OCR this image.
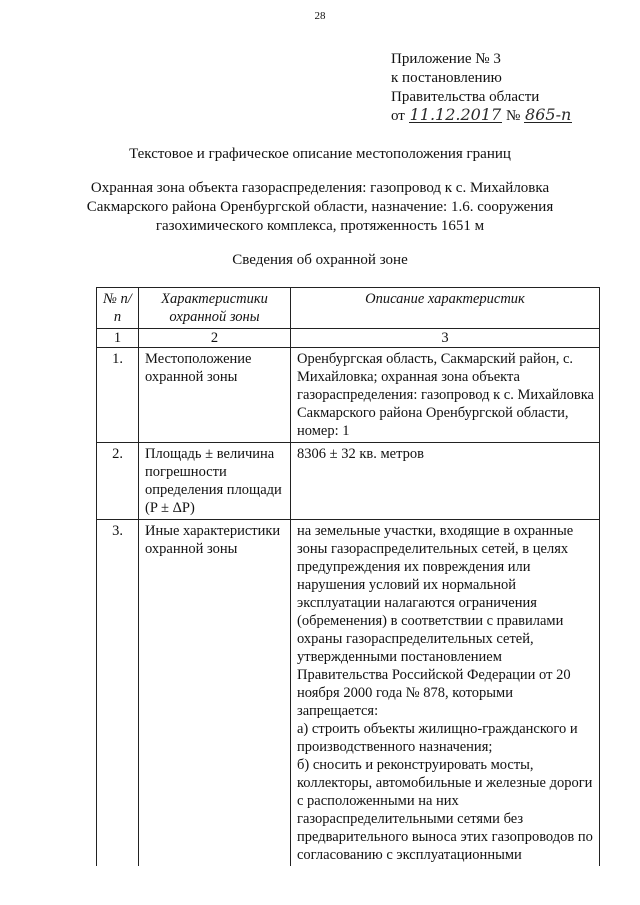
28
Приложение № 3
к постановлению
Правительства области
от 11.12.2017 № 865-п
Текстовое и графическое описание местоположения границ
Охранная зона объекта газораспределения: газопровод к с. Михайловка Сакмарского района Оренбургской области, назначение: 1.6. сооружения газохимического комплекса, протяженность 1651 м
Сведения об охранной зоне
№ п/п	Характеристики охранной зоны	Описание характеристик
1	2	3
1.	Местоположение охранной зоны	Оренбургская область, Сакмарский район, с. Михайловка; охранная зона объекта газораспределения: газопровод к с. Михайловка Сакмарского района Оренбургской области, номер: 1
2.	Площадь ± величина погрешности определения площади (P ± ΔP)	8306 ± 32 кв. метров
3.	Иные характеристики охранной зоны	на земельные участки, входящие в охранные зоны газораспределительных сетей, в целях предупреждения их повреждения или нарушения условий их нормальной эксплуатации налагаются ограничения (обременения) в соответствии с правилами охраны газораспределительных сетей, утвержденными постановлением Правительства Российской Федерации от 20 ноября 2000 года № 878, которыми запрещается:
а) строить объекты жилищно-гражданского и производственного назначения;
б) сносить и реконструировать мосты, коллекторы, автомобильные и железные дороги с расположенными на них газораспределительными сетями без предварительного выноса этих газопроводов по согласованию с эксплуатационными
